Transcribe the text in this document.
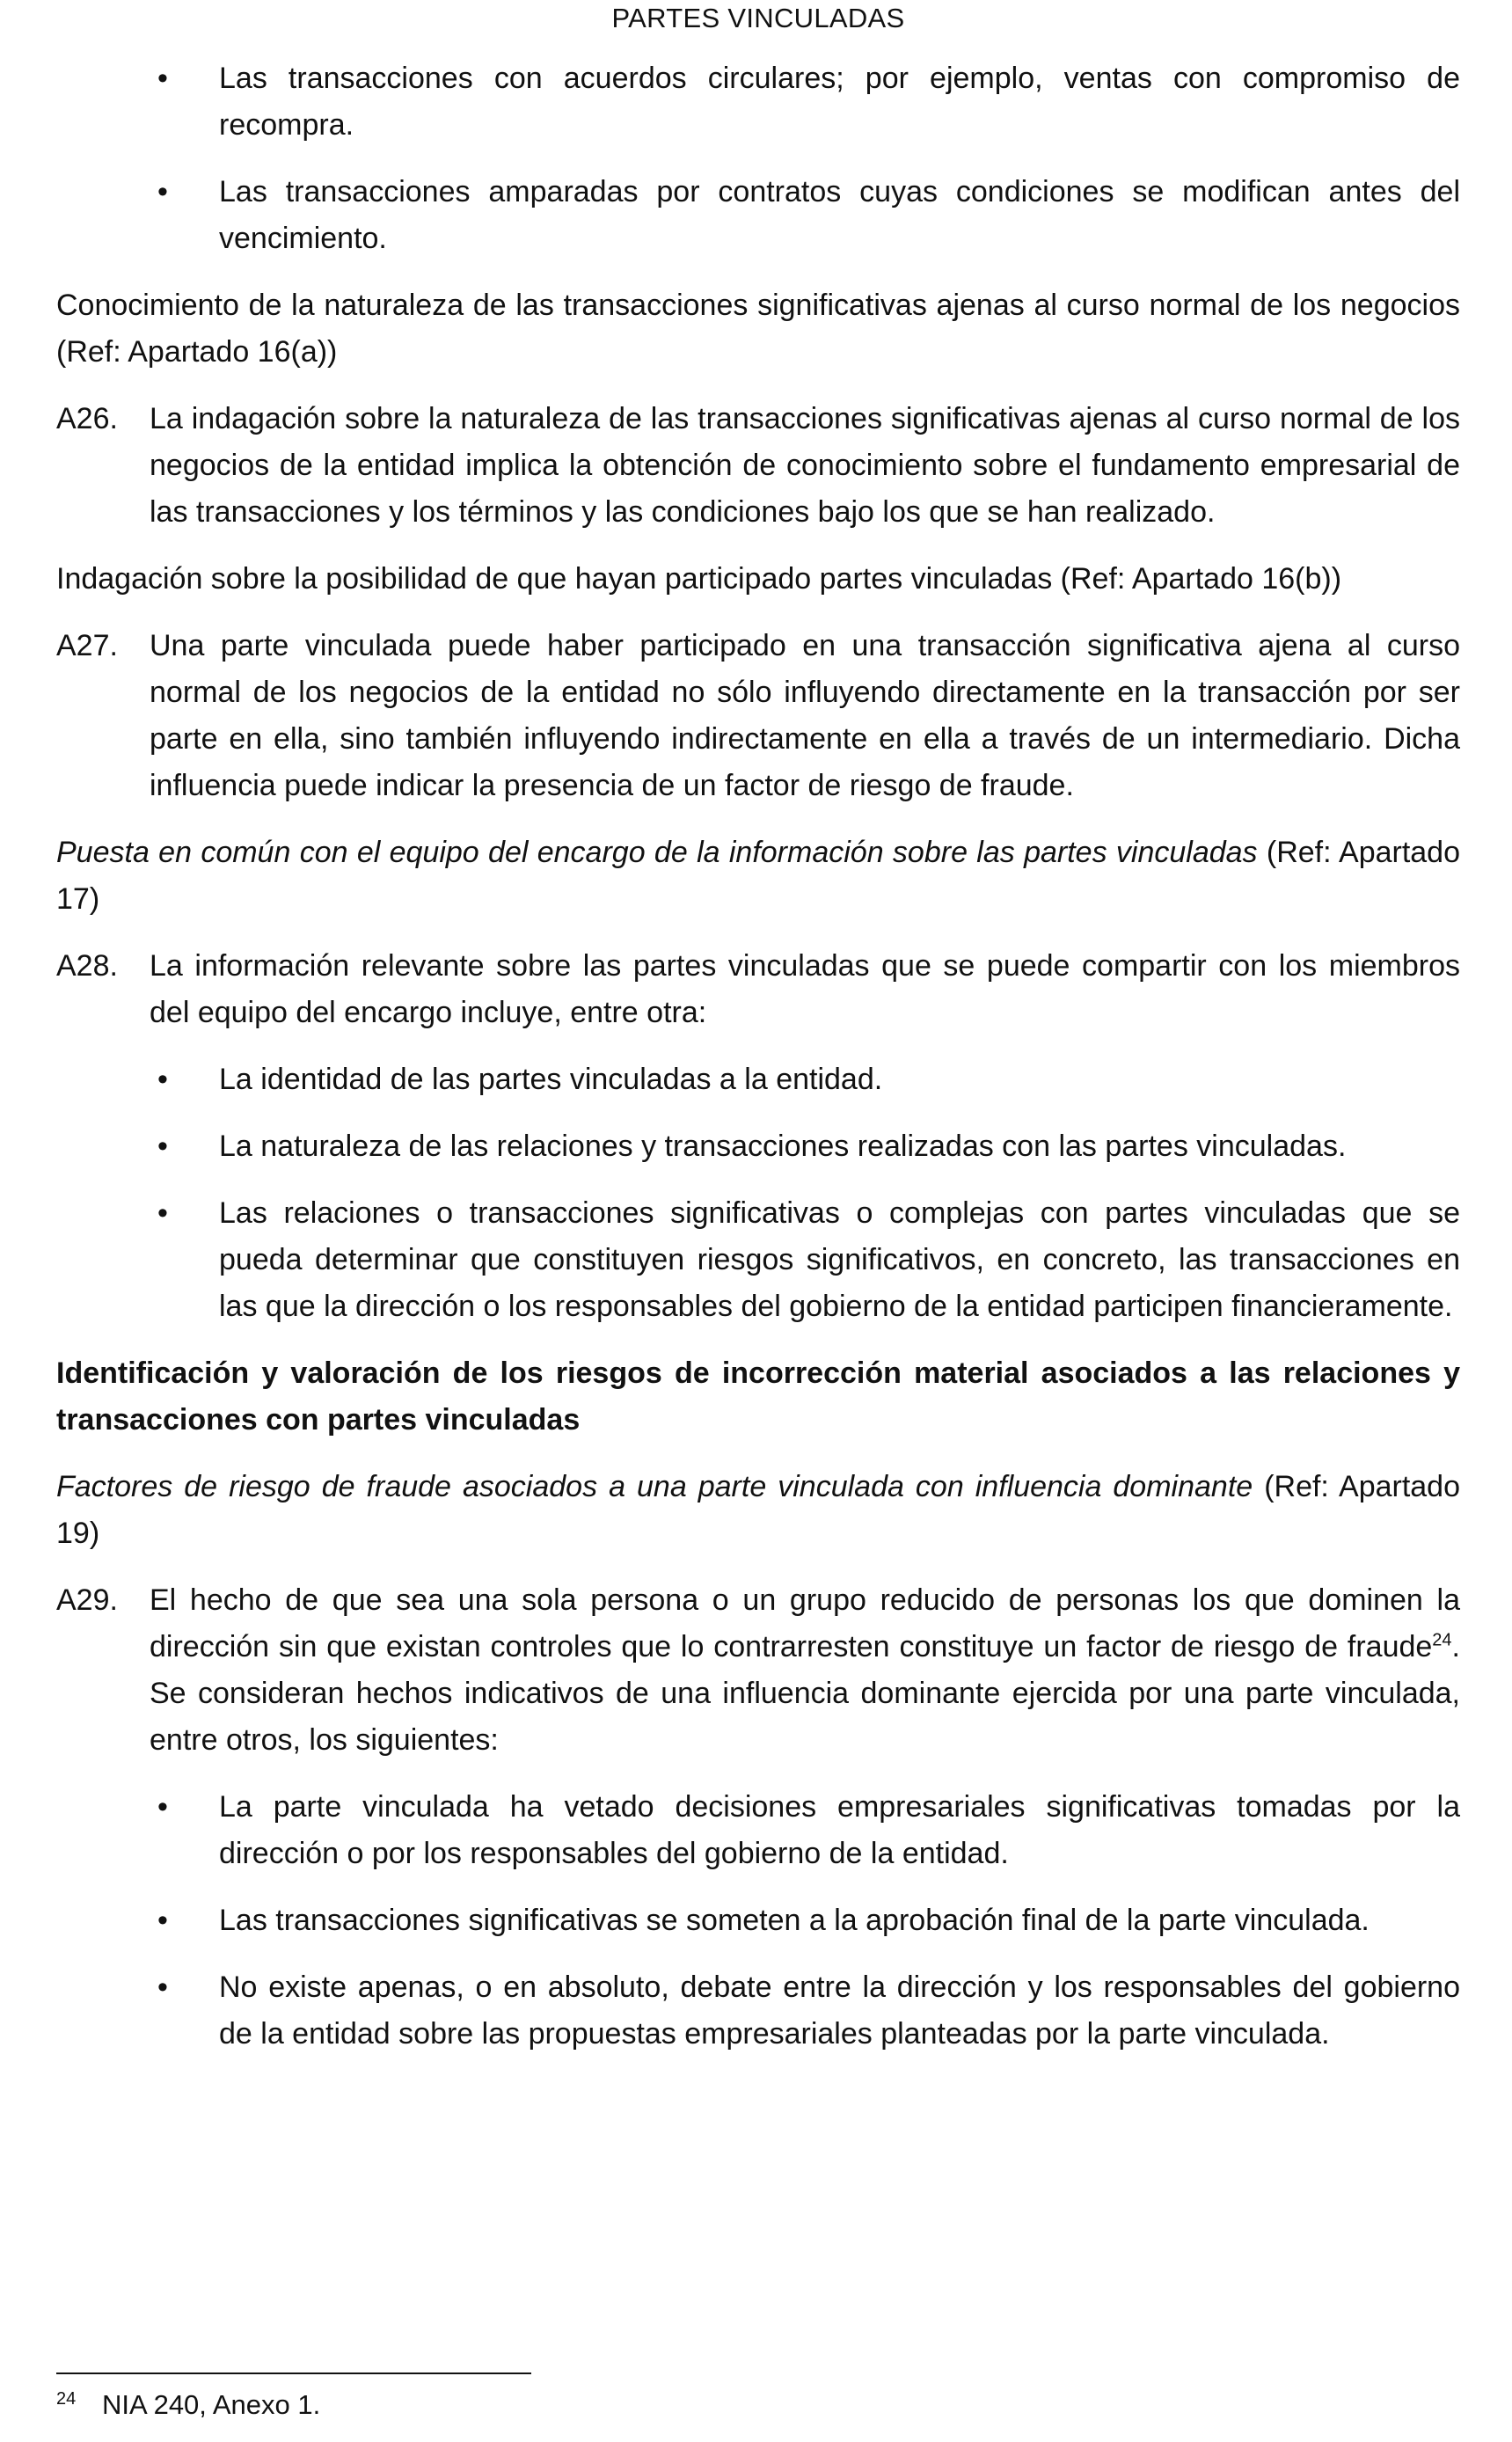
PARTES VINCULADAS
• Las transacciones con acuerdos circulares; por ejemplo, ventas con compromiso de recompra.
• Las transacciones amparadas por contratos cuyas condiciones se modifican antes del vencimiento.

Conocimiento de la naturaleza de las transacciones significativas ajenas al curso normal de los negocios (Ref: Apartado 16(a))

A26. La indagación sobre la naturaleza de las transacciones significativas ajenas al curso normal de los negocios de la entidad implica la obtención de conocimiento sobre el fundamento empresarial de las transacciones y los términos y las condiciones bajo los que se han realizado.

Indagación sobre la posibilidad de que hayan participado partes vinculadas (Ref: Apartado 16(b))

A27. Una parte vinculada puede haber participado en una transacción significativa ajena al curso normal de los negocios de la entidad no sólo influyendo directamente en la transacción por ser parte en ella, sino también influyendo indirectamente en ella a través de un intermediario. Dicha influencia puede indicar la presencia de un factor de riesgo de fraude.

Puesta en común con el equipo del encargo de la información sobre las partes vinculadas (Ref: Apartado 17)

A28. La información relevante sobre las partes vinculadas que se puede compartir con los miembros del equipo del encargo incluye, entre otra:

• La identidad de las partes vinculadas a la entidad.
• La naturaleza de las relaciones y transacciones realizadas con las partes vinculadas.
• Las relaciones o transacciones significativas o complejas con partes vinculadas que se pueda determinar que constituyen riesgos significativos, en concreto, las transacciones en las que la dirección o los responsables del gobierno de la entidad participen financieramente.

Identificación y valoración de los riesgos de incorrección material asociados a las relaciones y transacciones con partes vinculadas

Factores de riesgo de fraude asociados a una parte vinculada con influencia dominante (Ref: Apartado 19)

A29. El hecho de que sea una sola persona o un grupo reducido de personas los que dominen la dirección sin que existan controles que lo contrarresten constituye un factor de riesgo de fraude$^{24}$. Se consideran hechos indicativos de una influencia dominante ejercida por una parte vinculada, entre otros, los siguientes:

• La parte vinculada ha vetado decisiones empresariales significativas tomadas por la dirección o por los responsables del gobierno de la entidad.
• Las transacciones significativas se someten a la aprobación final de la parte vinculada.
• No existe apenas, o en absoluto, debate entre la dirección y los responsables del gobierno de la entidad sobre las propuestas empresariales planteadas por la parte vinculada.
24 NIA 240, Anexo 1.
